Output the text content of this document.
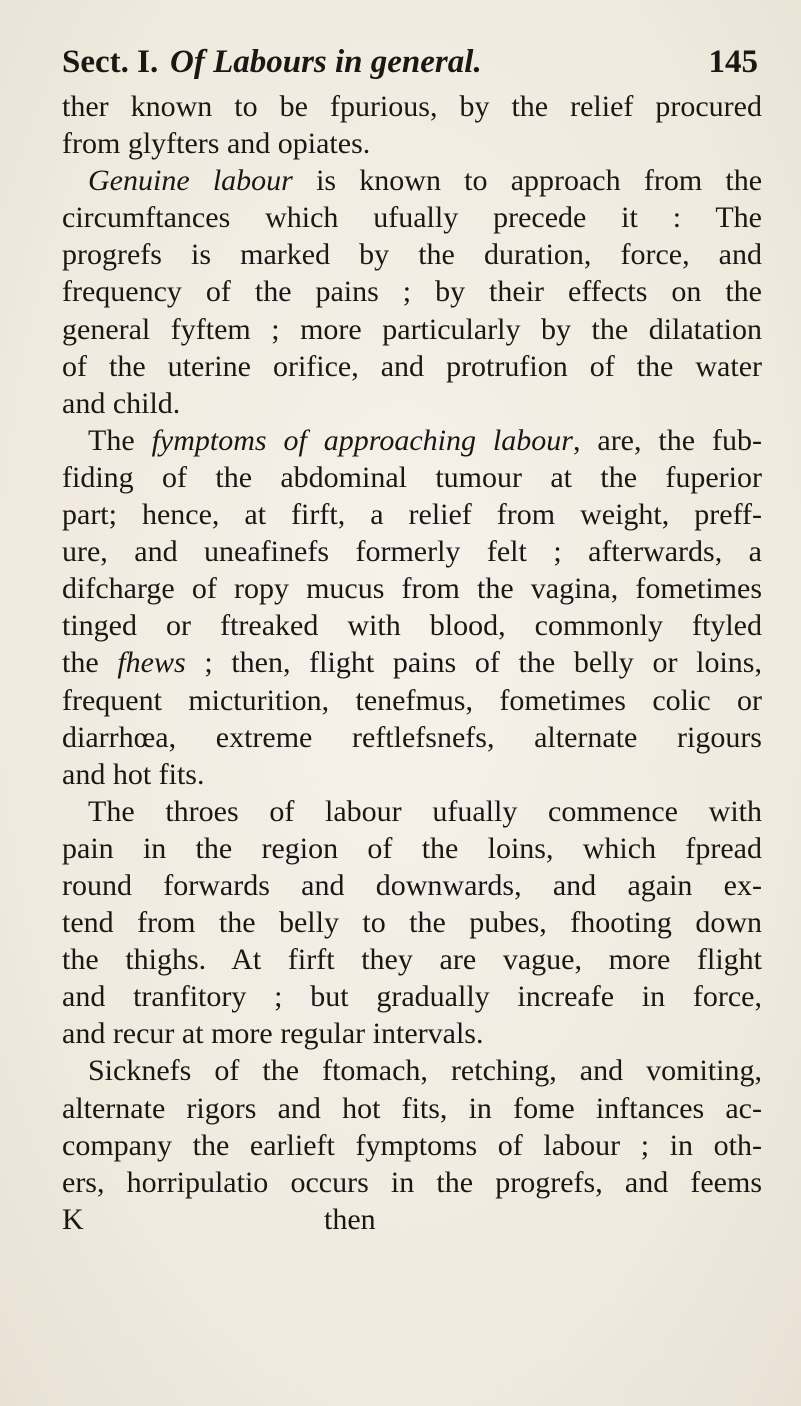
Sect. I. Of Labours in general.	145
ther known to be fpurious, by the relief procured
from glyfters and opiates.
Genuine labour is known to approach from the
circumftances which ufually precede it : The
progrefs is marked by the duration, force, and
frequency of the pains ; by their effects on the
general fyftem ; more particularly by the dilatation
of the uterine orifice, and protrufion of the water
and child.
The fymptoms of approaching labour, are, the fub-
fiding of the abdominal tumour at the fuperior
part; hence, at firft, a relief from weight, preff-
ure, and uneafinefs formerly felt ; afterwards, a
difcharge of ropy mucus from the vagina, fometimes
tinged or ftreaked with blood, commonly ftyled
the fhews ; then, flight pains of the belly or loins,
frequent micturition, tenefmus, fometimes colic or
diarrhœa, extreme reftlefsnefs, alternate rigours
and hot fits.
The throes of labour ufually commence with
pain in the region of the loins, which fpread
round forwards and downwards, and again ex-
tend from the belly to the pubes, fhooting down
the thighs. At firft they are vague, more flight
and tranfitory ; but gradually increafe in force,
and recur at more regular intervals.
Sicknefs of the ftomach, retching, and vomiting,
alternate rigors and hot fits, in fome inftances ac-
company the earlieft fymptoms of labour ; in oth-
ers, horripulatio occurs in the progrefs, and feems
K	then
